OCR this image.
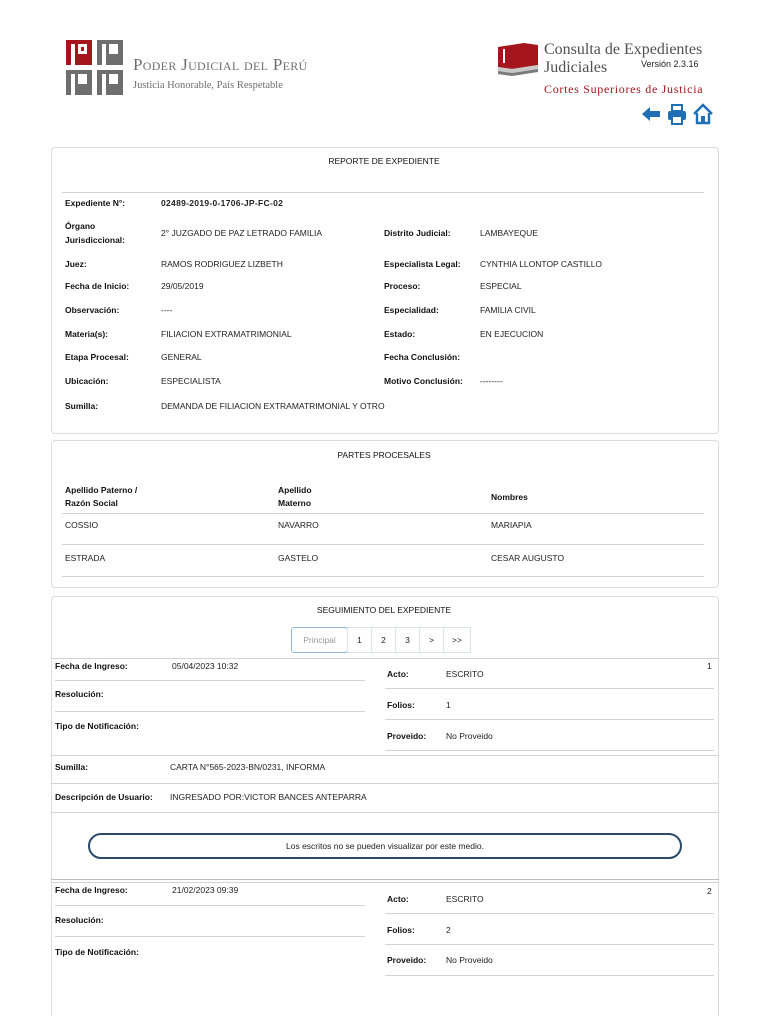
Poder Judicial del Perú
Justicia Honorable, País Respetable
Consulta de Expedientes
Judiciales	Versión 2.3.16
Cortes Superiores de Justicia
REPORTE DE EXPEDIENTE
Expediente N°:	02489-2019-0-1706-JP-FC-02
Órgano
Jurisdiccional:
2° JUZGADO DE PAZ LETRADO FAMILIA	Distrito Judicial:	LAMBAYEQUE
Juez:	RAMOS RODRIGUEZ LIZBETH	Especialista Legal: CYNTHIA LLONTOP CASTILLO
Fecha de Inicio:	29/05/2019	Proceso:	ESPECIAL
Observación:	----	Especialidad:	FAMILIA CIVIL
Materia(s):	FILIACION EXTRAMATRIMONIAL	Estado:	EN EJECUCION
Etapa Procesal:	GENERAL	Fecha Conclusión:
Ubicación:	ESPECIALISTA	Motivo Conclusión: --------
Sumilla:	DEMANDA DE FILIACION EXTRAMATRIMONIAL Y OTRO
PARTES PROCESALES
Apellido Paterno /
Razón Social
Apellido
Materno
Nombres
COSSIO	NAVARRO	MARIAPIA
ESTRADA	GASTELO	CESAR AUGUSTO
SEGUIMIENTO DEL EXPEDIENTE
Principal	1	2	3	>	>>
Fecha de Ingreso:	05/04/2023 10:32	1
Acto:	ESCRITO
Resolución:
Folios:	1
Tipo de Notificación:
Proveido: No Proveido
Sumilla:	CARTA N°565-2023-BN/0231, INFORMA
Descripción de Usuario: INGRESADO POR:VICTOR BANCES ANTEPARRA
Los escritos no se pueden visualizar por este medio.
Fecha de Ingreso:	21/02/2023 09:39	2
Acto:	ESCRITO
Resolución:
Folios:	2
Tipo de Notificación:
Proveido: No Proveido
